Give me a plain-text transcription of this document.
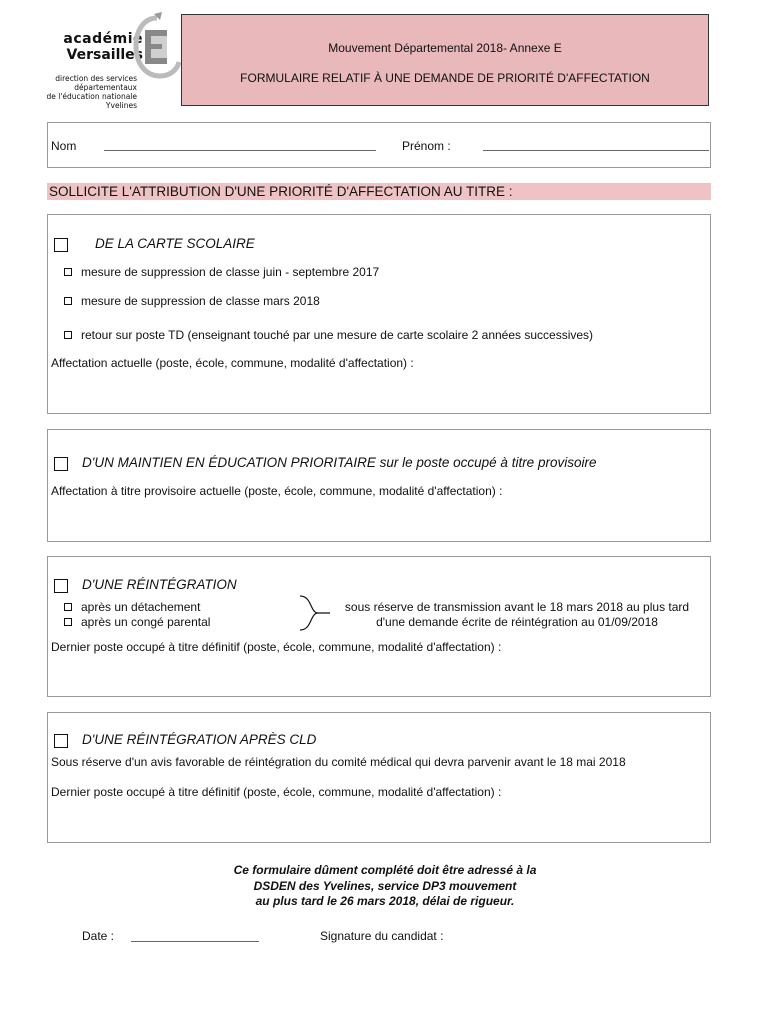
académie
Versailles
direction des services
départementaux
de l'éducation nationale
Yvelines
Mouvement Départemental 2018- Annexe E
FORMULAIRE RELATIF À UNE DEMANDE DE PRIORITÉ D'AFFECTATION
Nom	Prénom :
SOLLICITE L'ATTRIBUTION D'UNE PRIORITÉ D'AFFECTATION AU TITRE :
DE LA CARTE SCOLAIRE
mesure de suppression de classe juin - septembre 2017
mesure de suppression de classe mars 2018
retour sur poste TD (enseignant touché par une mesure de carte scolaire 2 années successives)
Affectation actuelle (poste, école, commune, modalité d'affectation) :
D'UN MAINTIEN EN ÉDUCATION PRIORITAIRE sur le poste occupé à titre provisoire
Affectation à titre provisoire actuelle (poste, école, commune, modalité d'affectation) :
D'UNE RÉINTÉGRATION
après un détachement
après un congé parental
sous réserve de transmission avant le 18 mars 2018 au plus tard
d'une demande écrite de réintégration au 01/09/2018
Dernier poste occupé à titre définitif (poste, école, commune, modalité d'affectation) :
D'UNE RÉINTÉGRATION APRÈS CLD
Sous réserve d'un avis favorable de réintégration du comité médical qui devra parvenir avant le 18 mai 2018
Dernier poste occupé à titre définitif (poste, école, commune, modalité d'affectation) :
Ce formulaire dûment complété doit être adressé à la
DSDEN des Yvelines, service DP3 mouvement
au plus tard le 26 mars 2018, délai de rigueur.
Date :	Signature du candidat :
